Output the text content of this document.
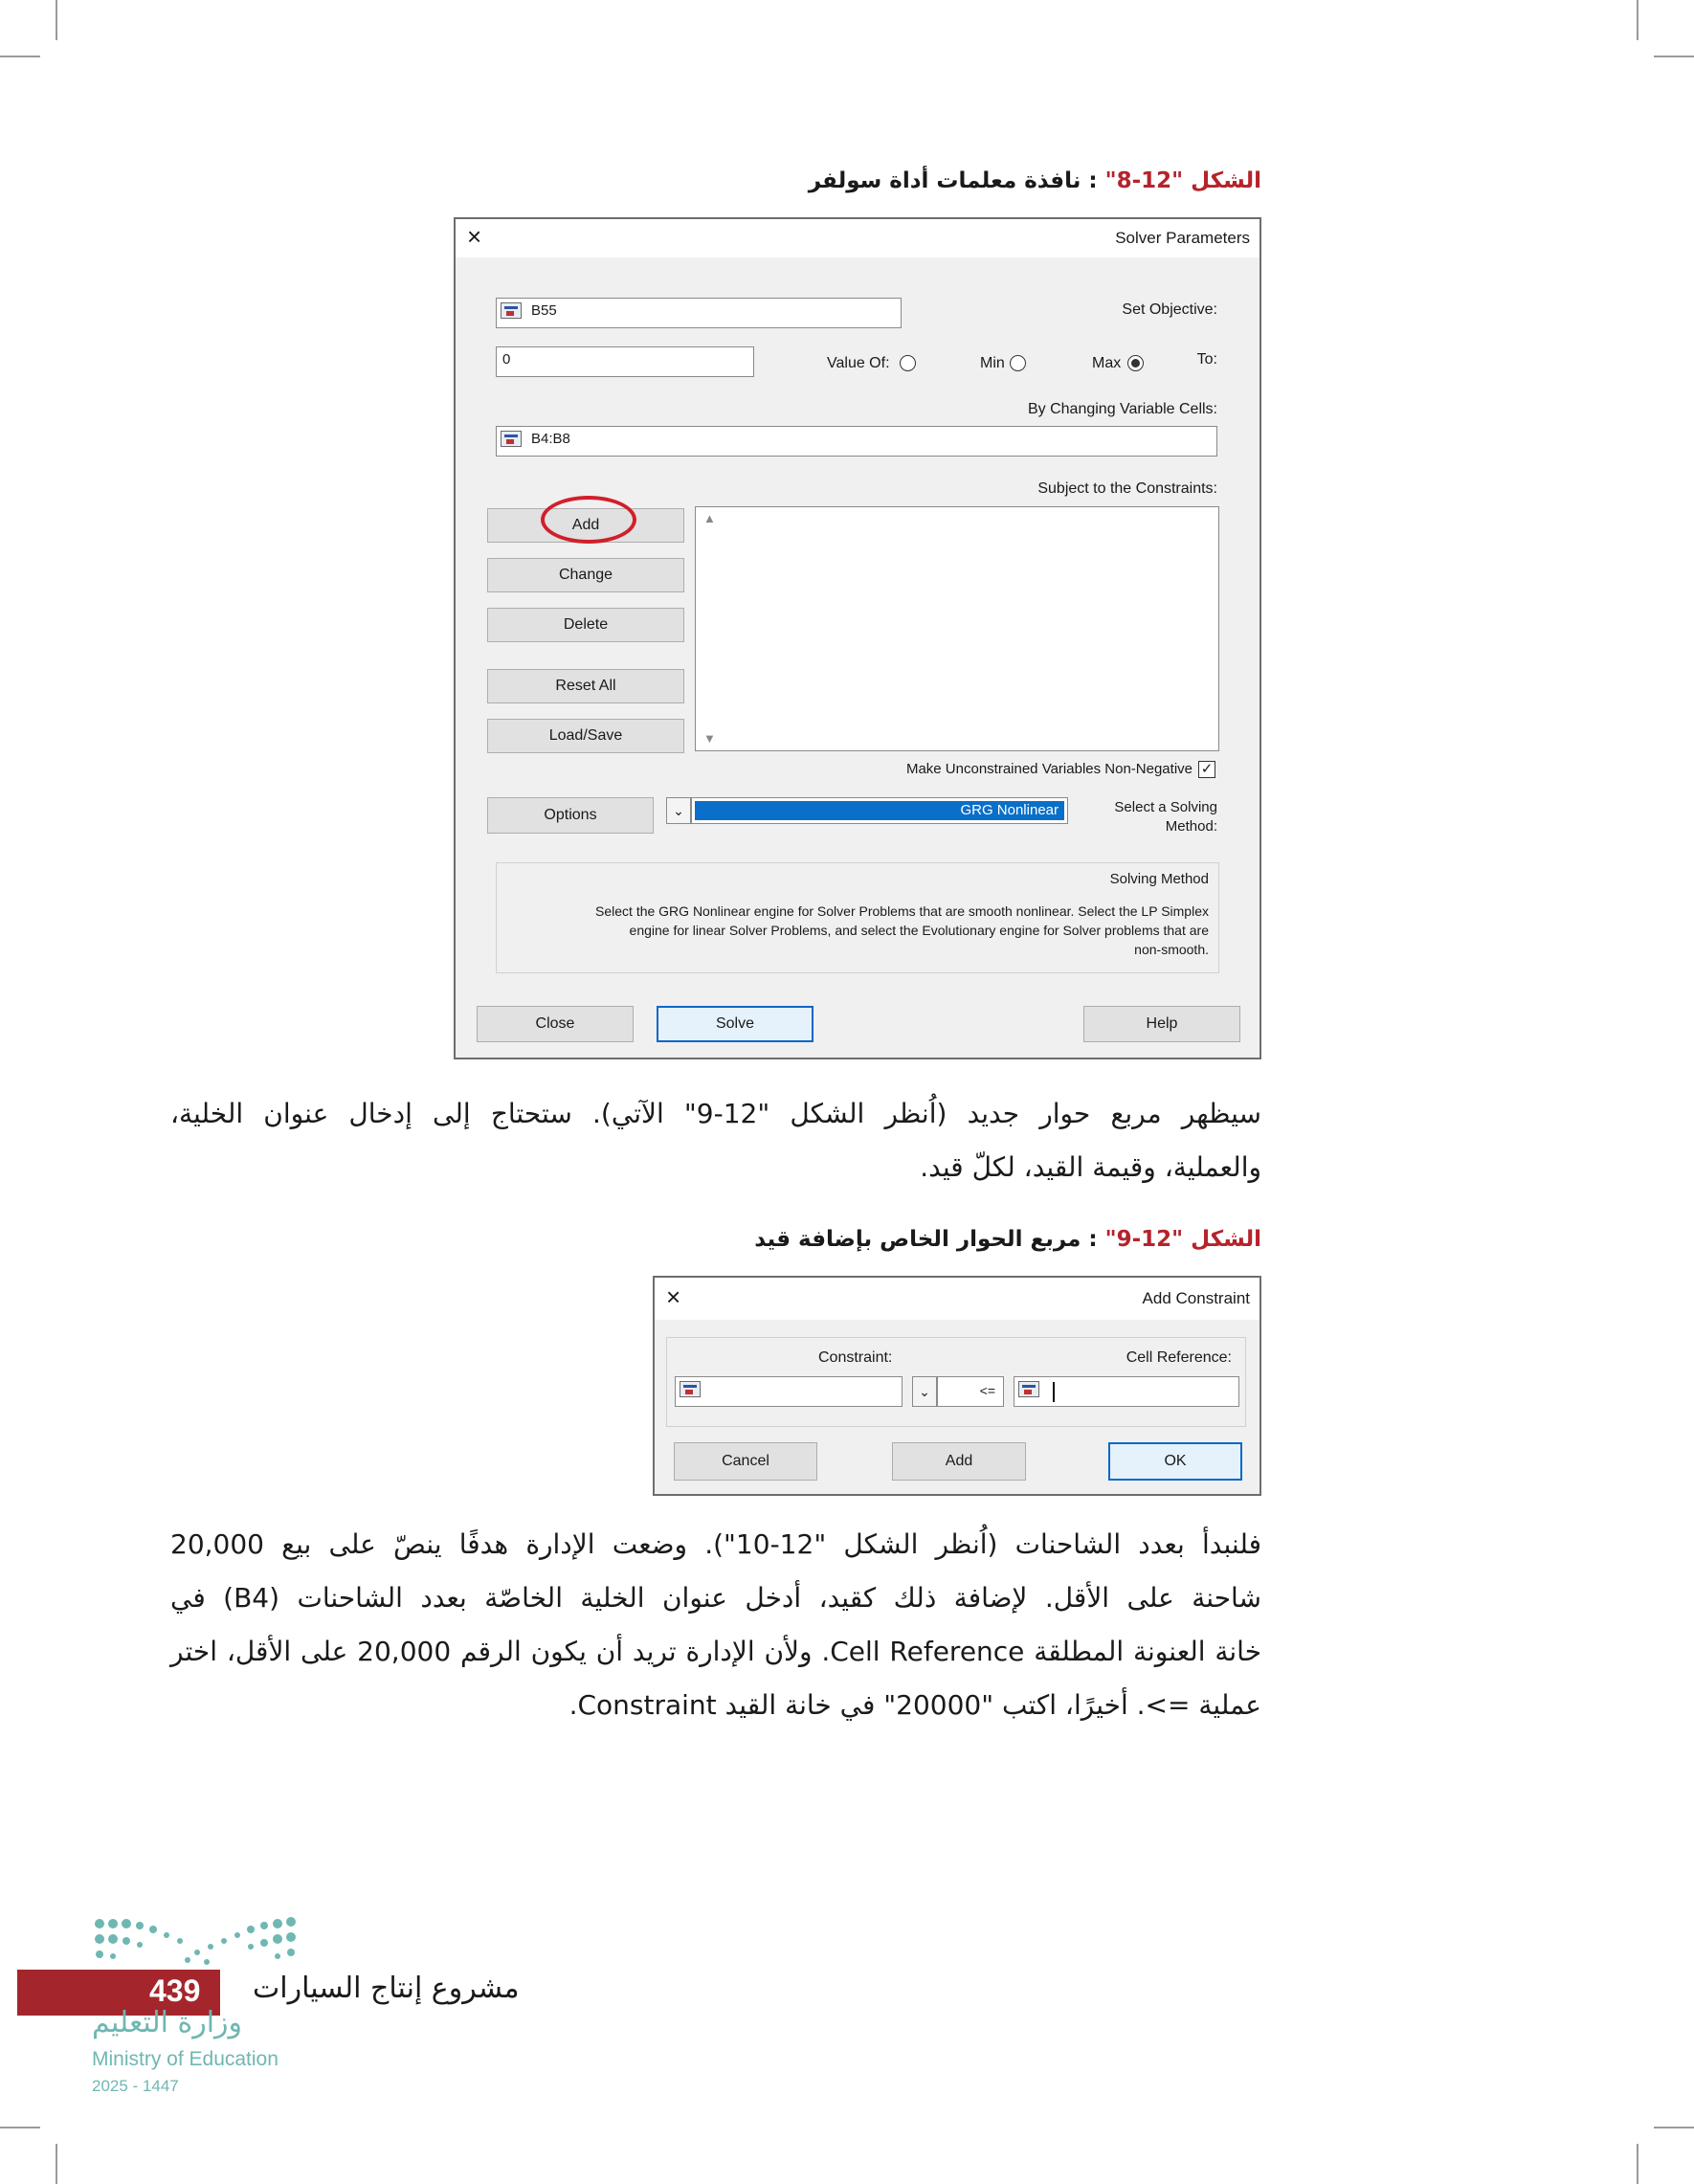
الشكل "12-8" : نافذة معلمات أداة سولفر
Solver Parameters
×
Set Objective:
B55
To:
Max
Min
Value Of:
0
By Changing Variable Cells:
B4:B8
Subject to the Constraints:
▲
▼
Add
Change
Delete
Reset All
Load/Save
✓
Make Unconstrained Variables Non-Negative
Options	⌄	GRG Nonlinear	Select a Solving
Method:
Solving Method
Select the GRG Nonlinear engine for Solver Problems that are smooth nonlinear. Select the LP Simplex
engine for linear Solver Problems, and select the Evolutionary engine for Solver problems that are
non-smooth.
Close	Solve	Help
سيظهر مربع حوار جديد (اُنظر الشكل "12-9" الآتي). ستحتاج إلى إدخال عنوان الخلية،
والعملية، وقيمة القيد، لكلّ قيد.
الشكل "12-9" : مربع الحوار الخاص بإضافة قيد
Add Constraint
×
Cell Reference:
Constraint:
⌄	<=
Cancel	Add	OK
فلنبدأ بعدد الشاحنات (اُنظر الشكل "12-10"). وضعت الإدارة هدفًا ينصّ على بيع 20,000
شاحنة على الأقل. لإضافة ذلك كقيد، أدخل عنوان الخلية الخاصّة بعدد الشاحنات (B4) في
خانة العنونة المطلقة Cell Reference. ولأن الإدارة تريد أن يكون الرقم 20,000 على الأقل، اختر
عملية =>. أخيرًا، اكتب "20000" في خانة القيد Constraint.
439 مشروع إنتاج السيارات
وزارة التعليم
Ministry of Education
2025 - 1447
